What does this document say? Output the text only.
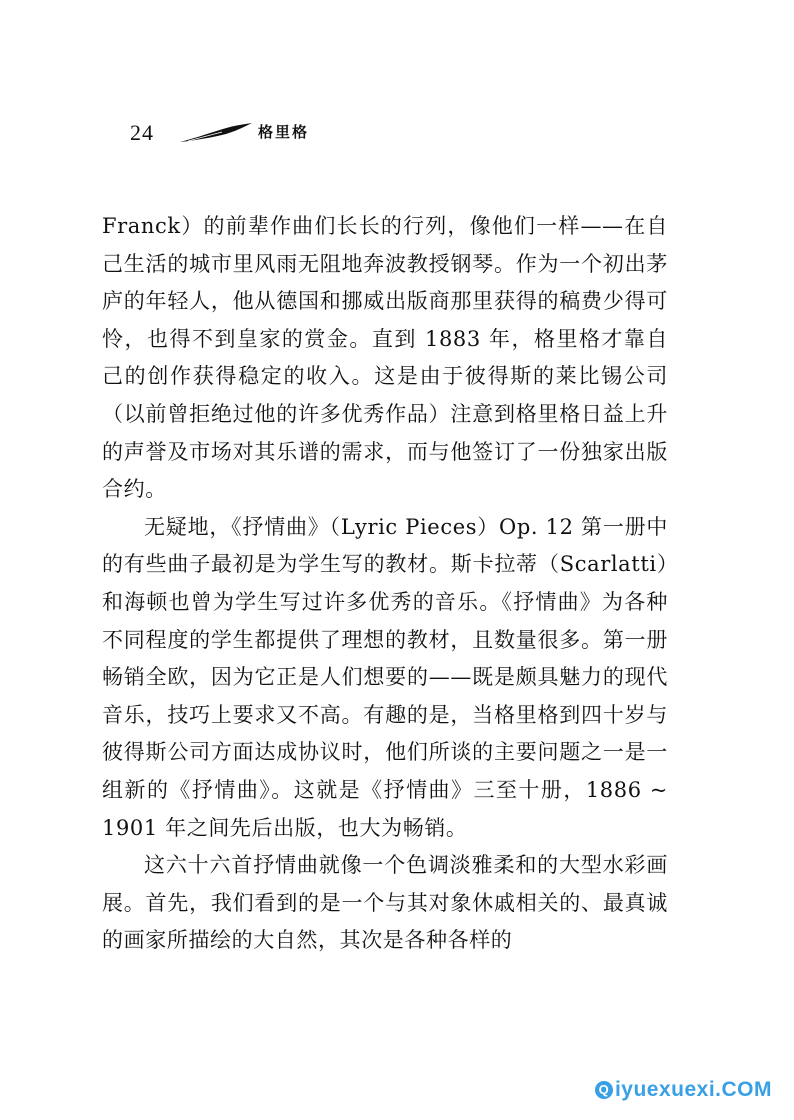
24	格里格

Franck）的前辈作曲们长长的行列，像他们一样——在自己生活的城市里风雨无阻地奔波教授钢琴。作为一个初出茅庐的年轻人，他从德国和挪威出版商那里获得的稿费少得可怜，也得不到皇家的赏金。直到 1883 年，格里格才靠自己的创作获得稳定的收入。这是由于彼得斯的莱比锡公司（以前曾拒绝过他的许多优秀作品）注意到格里格日益上升的声誉及市场对其乐谱的需求，而与他签订了一份独家出版合约。

无疑地，《抒情曲》（Lyric Pieces）Op. 12 第一册中的有些曲子最初是为学生写的教材。斯卡拉蒂（Scarlatti）和海顿也曾为学生写过许多优秀的音乐。《抒情曲》为各种不同程度的学生都提供了理想的教材，且数量很多。第一册畅销全欧，因为它正是人们想要的——既是颇具魅力的现代音乐，技巧上要求又不高。有趣的是，当格里格到四十岁与彼得斯公司方面达成协议时，他们所谈的主要问题之一是一组新的《抒情曲》。这就是《抒情曲》三至十册，1886 ~ 1901 年之间先后出版，也大为畅销。

这六十六首抒情曲就像一个色调淡雅柔和的大型水彩画展。首先，我们看到的是一个与其对象休戚相关的、最真诚的画家所描绘的大自然，其次是各种各样的

Q iyuexuexi.COM
